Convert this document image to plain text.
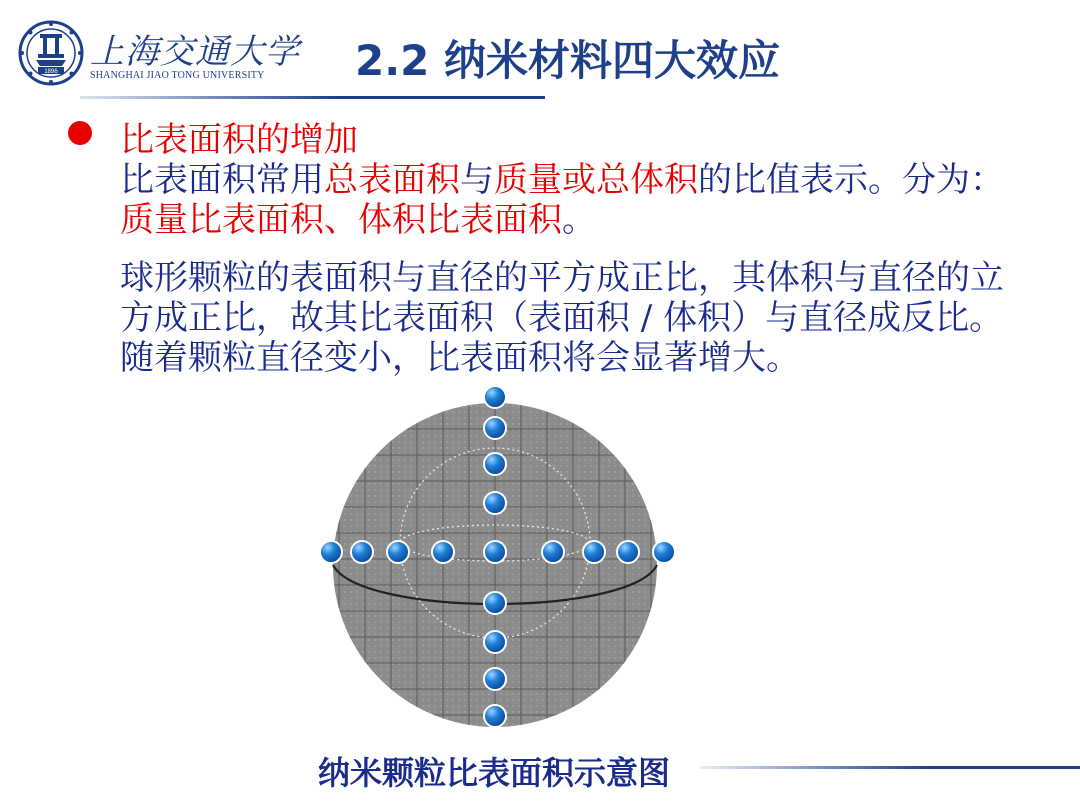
1896 上海交通大学
SHANGHAI JIAO TONG UNIVERSITY 2.2 纳米材料四大效应
比表面积的增加

比表面积常用总表面积与质量或总体积的比值表示。分为：质量比表面积、体积比表面积。

球形颗粒的表面积与直径的平方成正比，其体积与直径的立方成正比，故其比表面积（表面积 / 体积）与直径成反比。随着颗粒直径变小，比表面积将会显著增大。

纳米颗粒比表面积示意图
